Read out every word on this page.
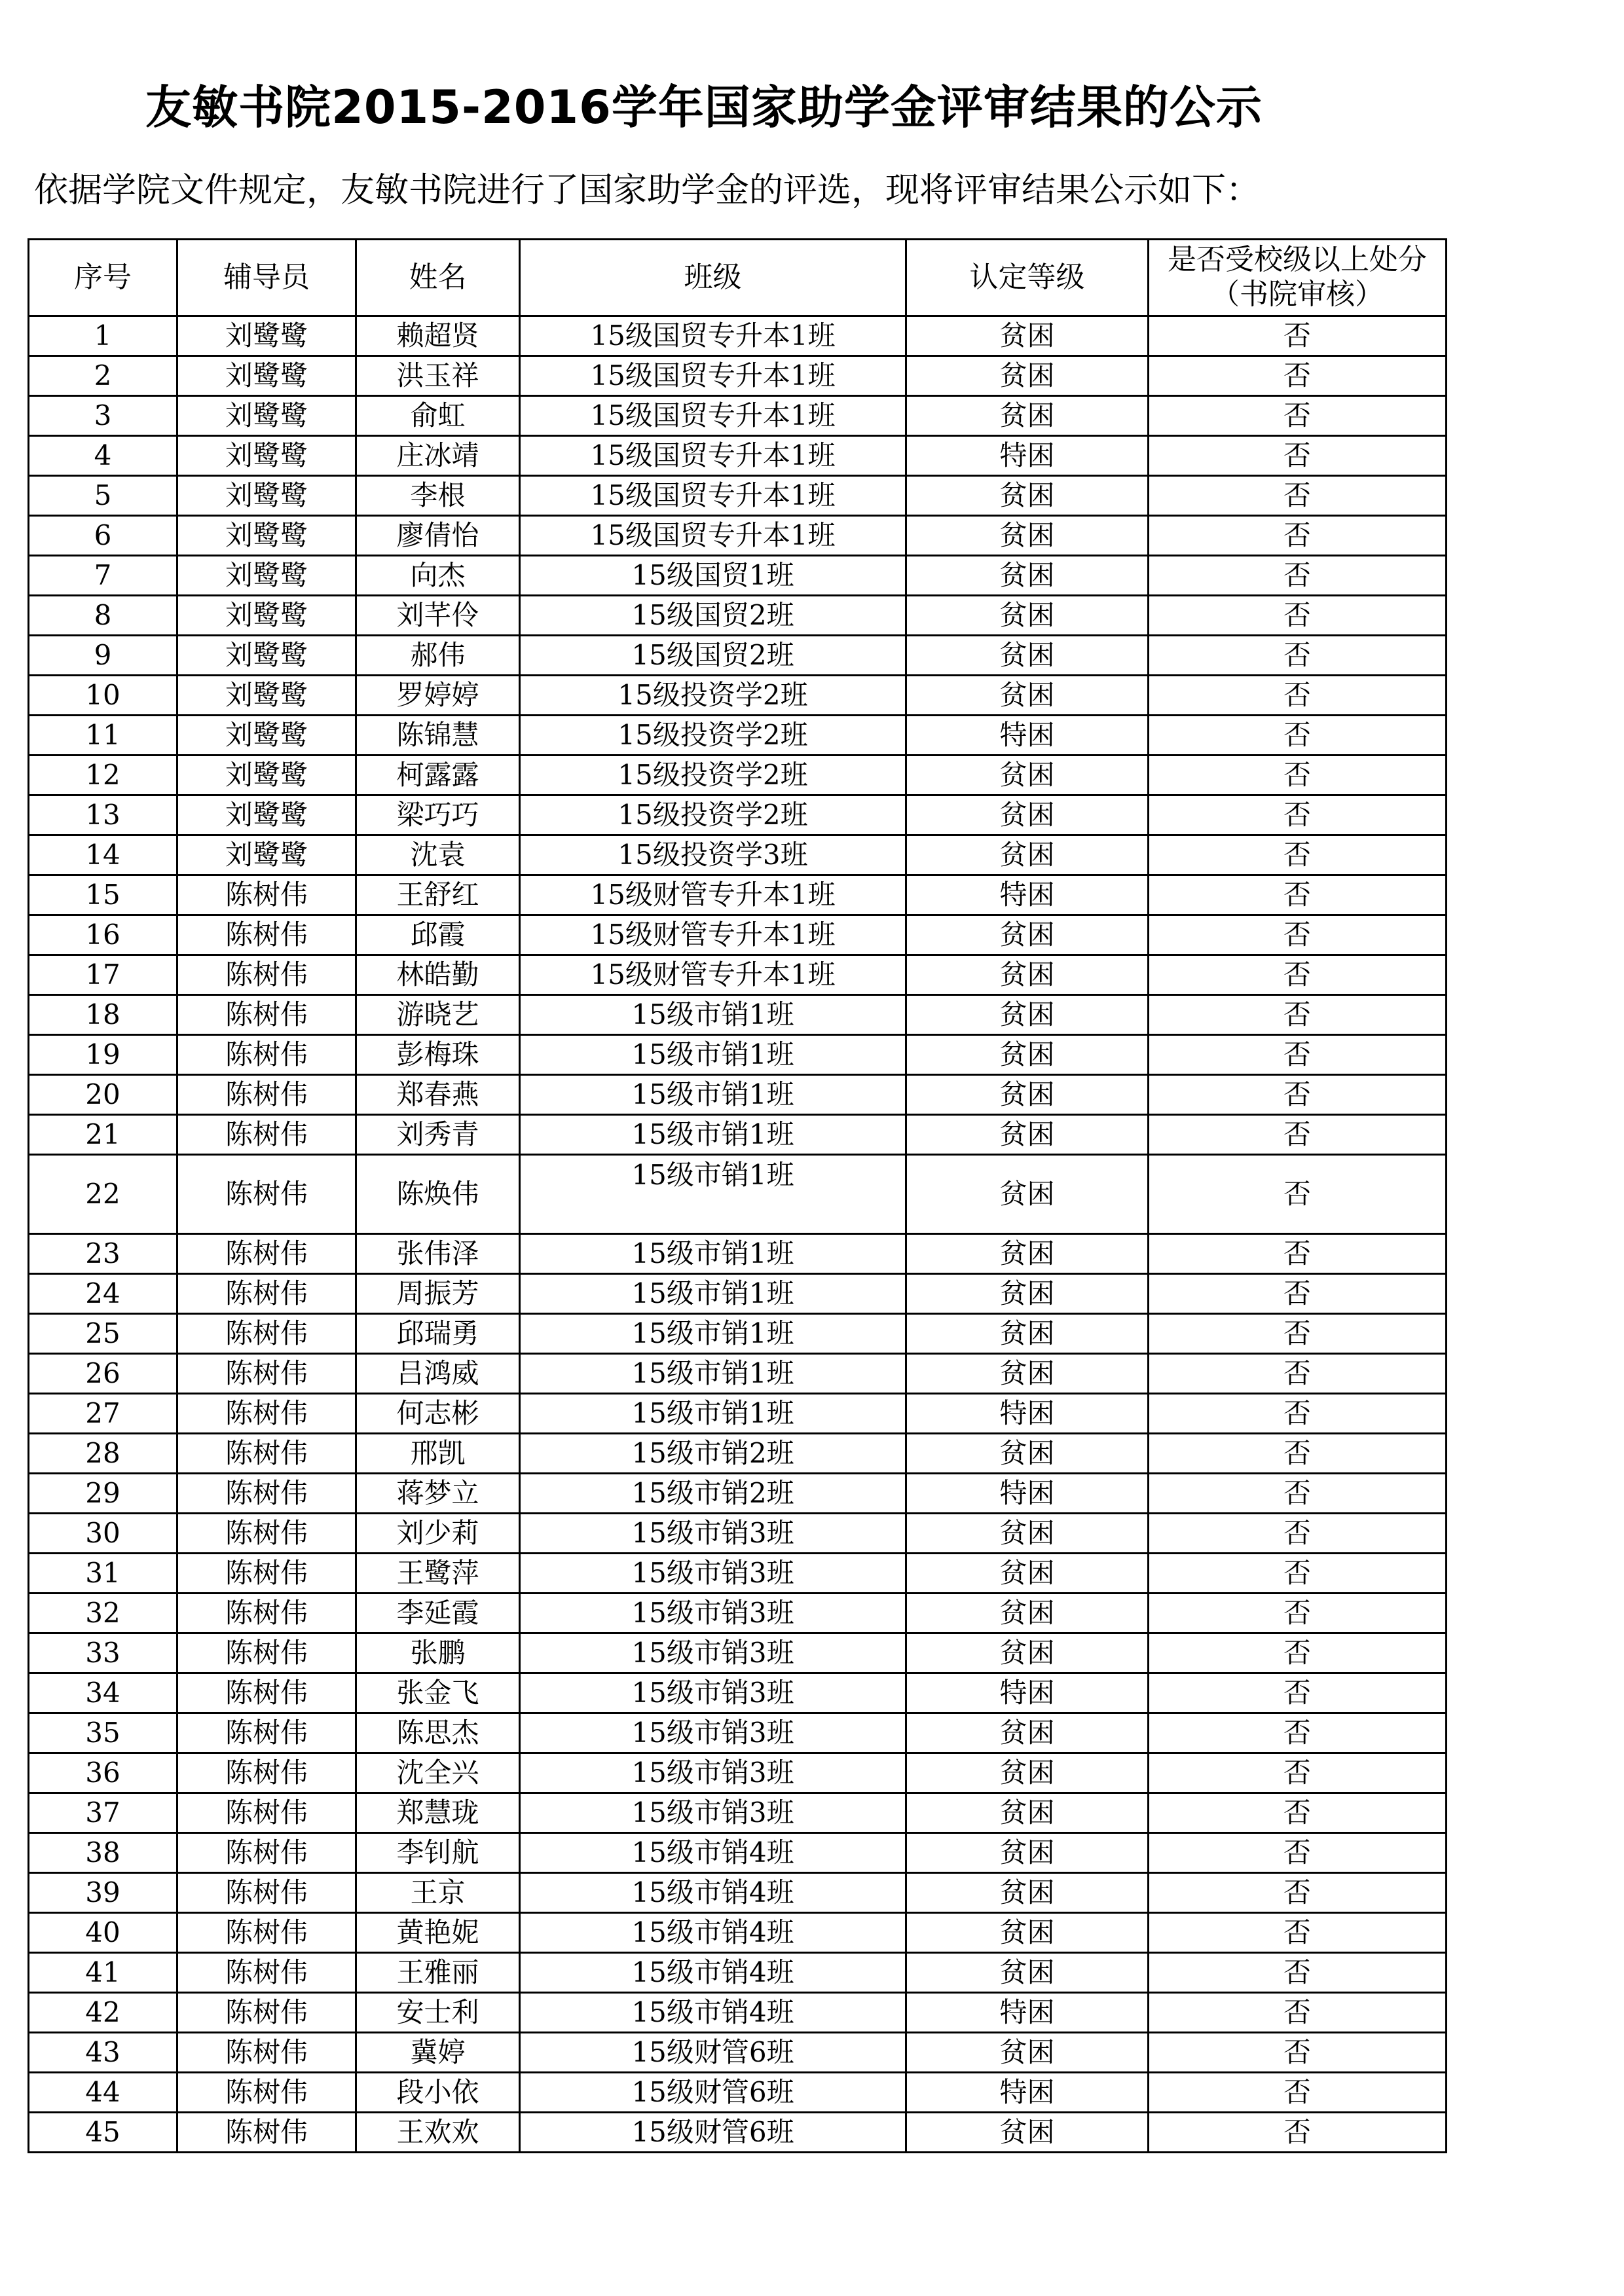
友敏书院2015-2016学年国家助学金评审结果的公示
依据学院文件规定，友敏书院进行了国家助学金的评选，现将评审结果公示如下：
序号	辅导员	姓名	班级	认定等级	是否受校级以上处分（书院审核）
1	刘鹭鹭	赖超贤	15级国贸专升本1班	贫困	否
2	刘鹭鹭	洪玉祥	15级国贸专升本1班	贫困	否
3	刘鹭鹭	俞虹	15级国贸专升本1班	贫困	否
4	刘鹭鹭	庄冰靖	15级国贸专升本1班	特困	否
5	刘鹭鹭	李根	15级国贸专升本1班	贫困	否
6	刘鹭鹭	廖倩怡	15级国贸专升本1班	贫困	否
7	刘鹭鹭	向杰	15级国贸1班	贫困	否
8	刘鹭鹭	刘芊伶	15级国贸2班	贫困	否
9	刘鹭鹭	郝伟	15级国贸2班	贫困	否
10	刘鹭鹭	罗婷婷	15级投资学2班	贫困	否
11	刘鹭鹭	陈锦慧	15级投资学2班	特困	否
12	刘鹭鹭	柯露露	15级投资学2班	贫困	否
13	刘鹭鹭	梁巧巧	15级投资学2班	贫困	否
14	刘鹭鹭	沈袁	15级投资学3班	贫困	否
15	陈树伟	王舒红	15级财管专升本1班	特困	否
16	陈树伟	邱霞	15级财管专升本1班	贫困	否
17	陈树伟	林皓勤	15级财管专升本1班	贫困	否
18	陈树伟	游晓艺	15级市销1班	贫困	否
19	陈树伟	彭梅珠	15级市销1班	贫困	否
20	陈树伟	郑春燕	15级市销1班	贫困	否
21	陈树伟	刘秀青	15级市销1班	贫困	否
22	陈树伟	陈焕伟	15级市销1班	贫困	否
23	陈树伟	张伟泽	15级市销1班	贫困	否
24	陈树伟	周振芳	15级市销1班	贫困	否
25	陈树伟	邱瑞勇	15级市销1班	贫困	否
26	陈树伟	吕鸿威	15级市销1班	贫困	否
27	陈树伟	何志彬	15级市销1班	特困	否
28	陈树伟	邢凯	15级市销2班	贫困	否
29	陈树伟	蒋梦立	15级市销2班	特困	否
30	陈树伟	刘少莉	15级市销3班	贫困	否
31	陈树伟	王鹭萍	15级市销3班	贫困	否
32	陈树伟	李延霞	15级市销3班	贫困	否
33	陈树伟	张鹏	15级市销3班	贫困	否
34	陈树伟	张金飞	15级市销3班	特困	否
35	陈树伟	陈思杰	15级市销3班	贫困	否
36	陈树伟	沈全兴	15级市销3班	贫困	否
37	陈树伟	郑慧珑	15级市销3班	贫困	否
38	陈树伟	李钊航	15级市销4班	贫困	否
39	陈树伟	王京	15级市销4班	贫困	否
40	陈树伟	黄艳妮	15级市销4班	贫困	否
41	陈树伟	王雅丽	15级市销4班	贫困	否
42	陈树伟	安士利	15级市销4班	特困	否
43	陈树伟	冀婷	15级财管6班	贫困	否
44	陈树伟	段小依	15级财管6班	特困	否
45	陈树伟	王欢欢	15级财管6班	贫困	否
